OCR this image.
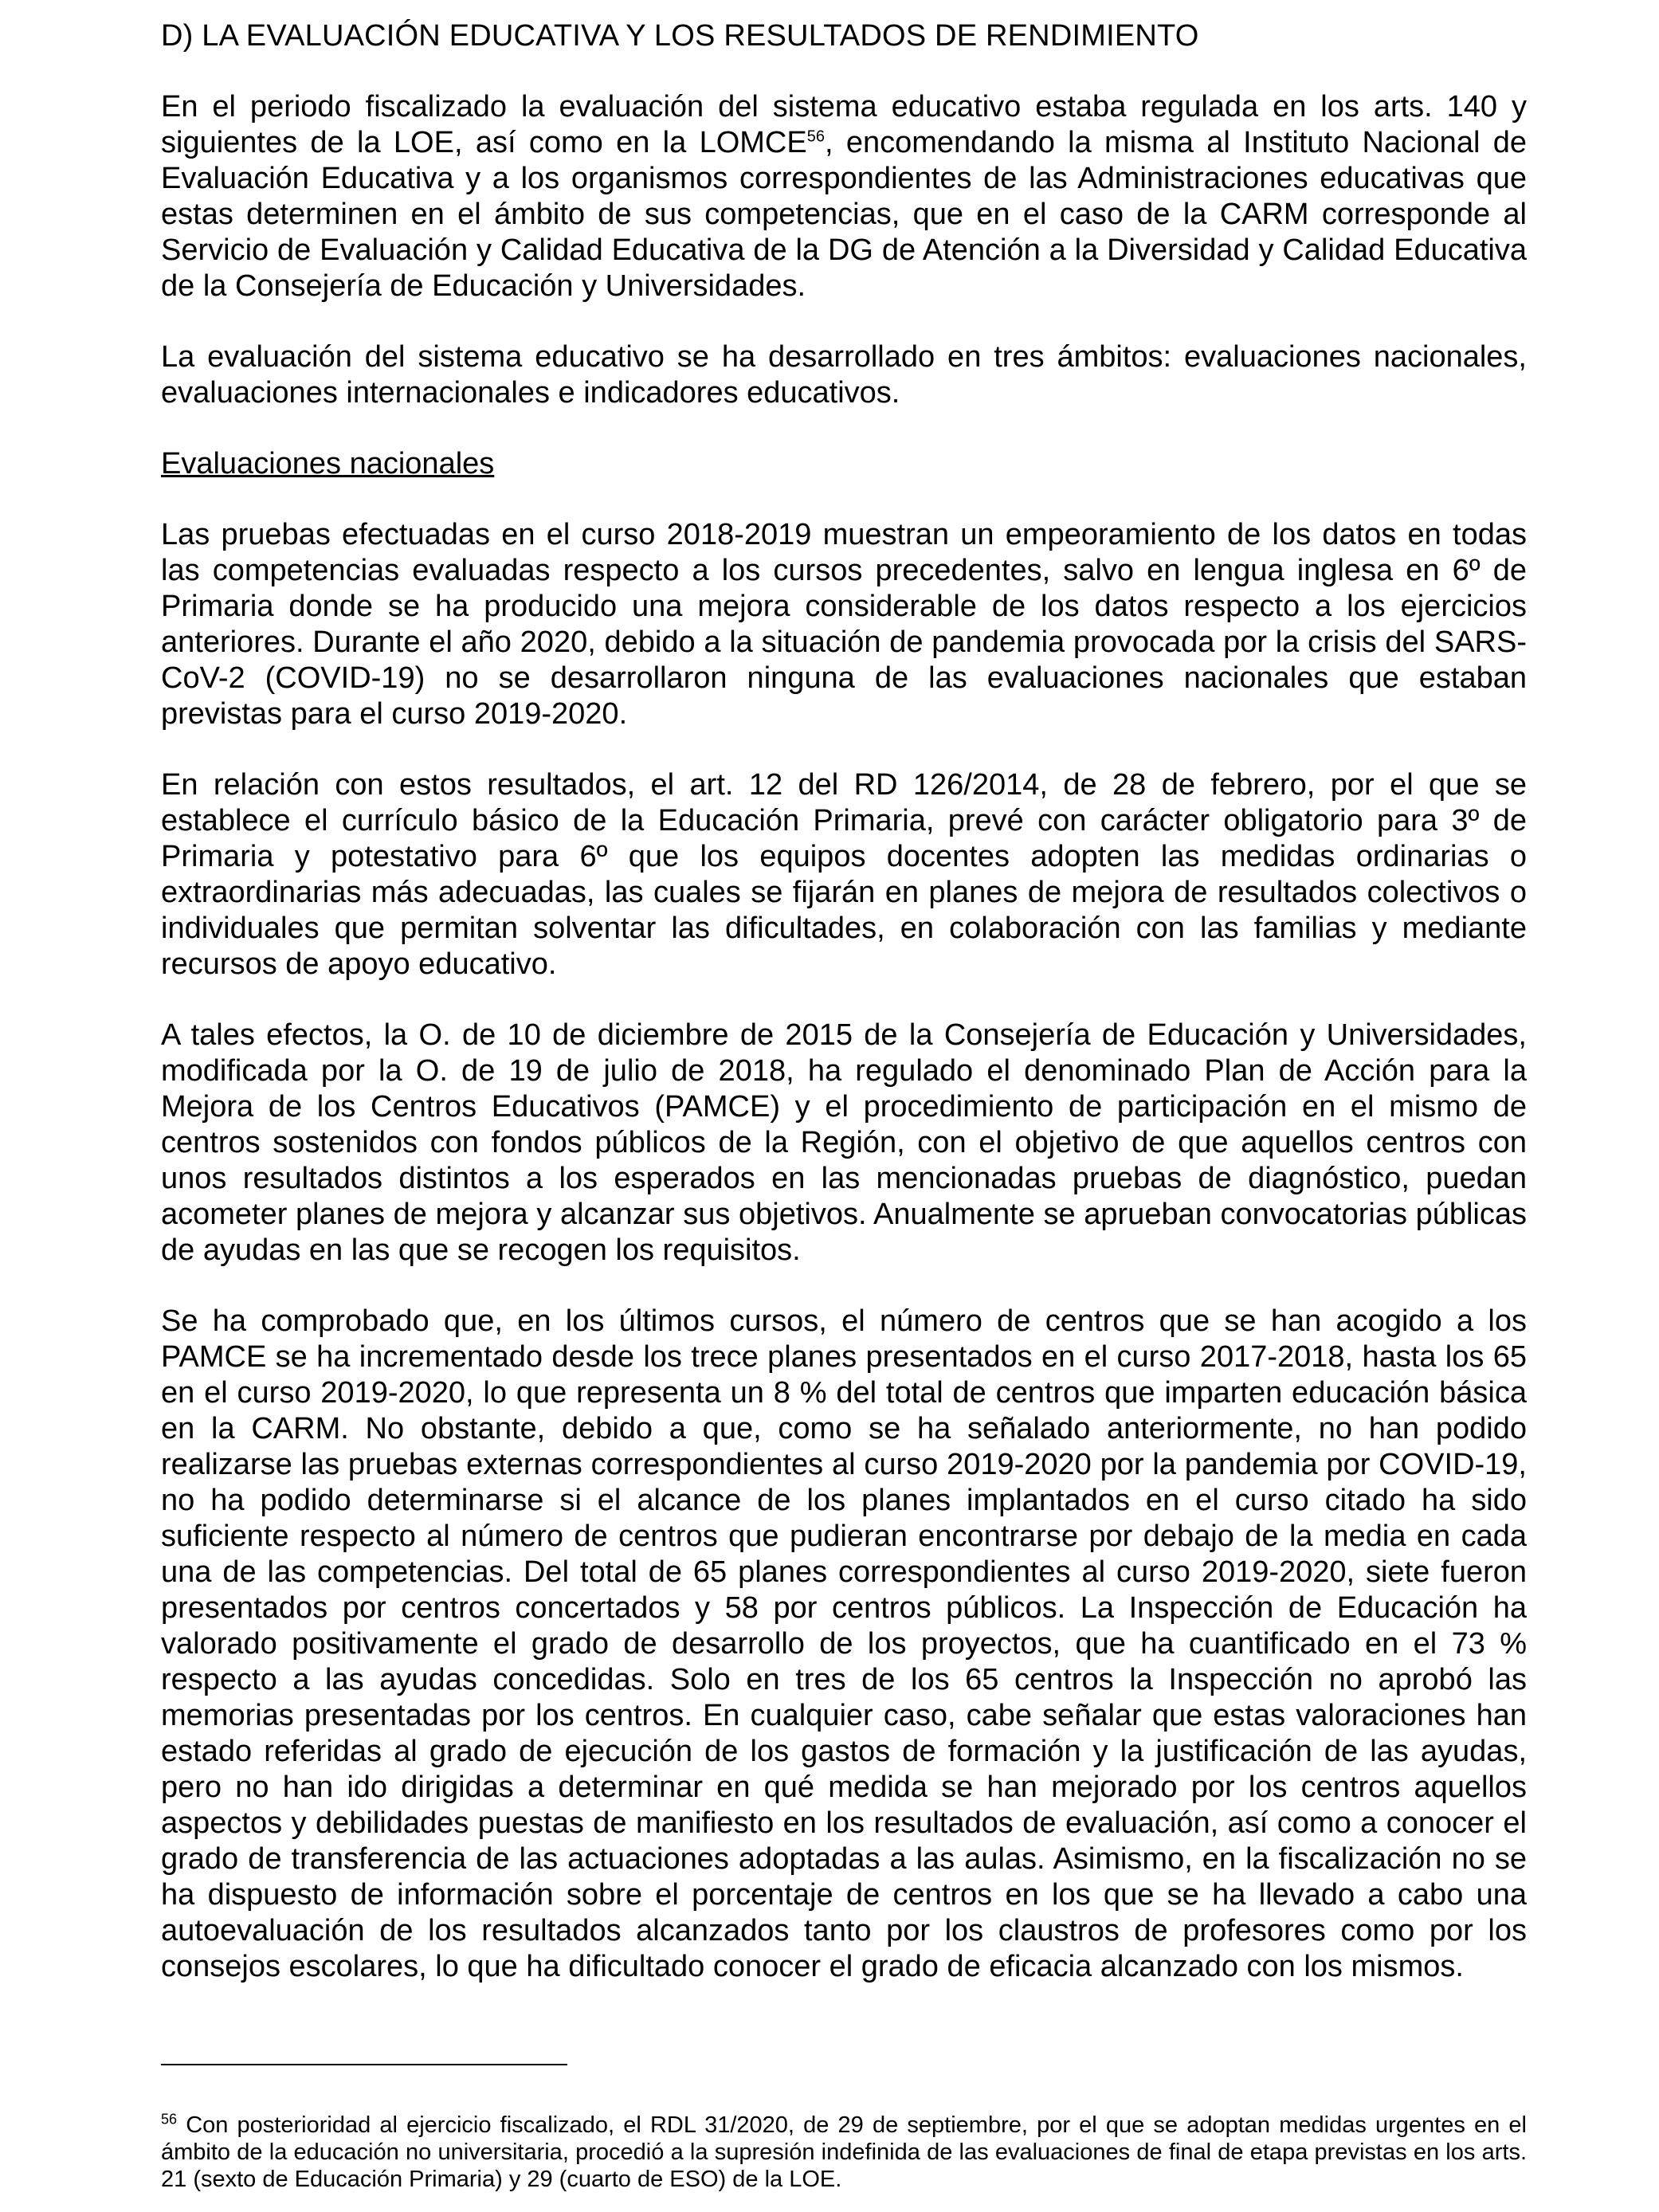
D) LA EVALUACIÓN EDUCATIVA Y LOS RESULTADOS DE RENDIMIENTO

En el periodo fiscalizado la evaluación del sistema educativo estaba regulada en los arts. 140 y siguientes de la LOE, así como en la LOMCE$^{56}$, encomendando la misma al Instituto Nacional de Evaluación Educativa y a los organismos correspondientes de las Administraciones educativas que estas determinen en el ámbito de sus competencias, que en el caso de la CARM corresponde al Servicio de Evaluación y Calidad Educativa de la DG de Atención a la Diversidad y Calidad Educativa de la Consejería de Educación y Universidades.

La evaluación del sistema educativo se ha desarrollado en tres ámbitos: evaluaciones nacionales, evaluaciones internacionales e indicadores educativos.

Evaluaciones nacionales

Las pruebas efectuadas en el curso 2018-2019 muestran un empeoramiento de los datos en todas las competencias evaluadas respecto a los cursos precedentes, salvo en lengua inglesa en 6º de Primaria donde se ha producido una mejora considerable de los datos respecto a los ejercicios anteriores. Durante el año 2020, debido a la situación de pandemia provocada por la crisis del SARS-CoV-2 (COVID-19) no se desarrollaron ninguna de las evaluaciones nacionales que estaban previstas para el curso 2019-2020.

En relación con estos resultados, el art. 12 del RD 126/2014, de 28 de febrero, por el que se establece el currículo básico de la Educación Primaria, prevé con carácter obligatorio para 3º de Primaria y potestativo para 6º que los equipos docentes adopten las medidas ordinarias o extraordinarias más adecuadas, las cuales se fijarán en planes de mejora de resultados colectivos o individuales que permitan solventar las dificultades, en colaboración con las familias y mediante recursos de apoyo educativo.

A tales efectos, la O. de 10 de diciembre de 2015 de la Consejería de Educación y Universidades, modificada por la O. de 19 de julio de 2018, ha regulado el denominado Plan de Acción para la Mejora de los Centros Educativos (PAMCE) y el procedimiento de participación en el mismo de centros sostenidos con fondos públicos de la Región, con el objetivo de que aquellos centros con unos resultados distintos a los esperados en las mencionadas pruebas de diagnóstico, puedan acometer planes de mejora y alcanzar sus objetivos. Anualmente se aprueban convocatorias públicas de ayudas en las que se recogen los requisitos.

Se ha comprobado que, en los últimos cursos, el número de centros que se han acogido a los PAMCE se ha incrementado desde los trece planes presentados en el curso 2017-2018, hasta los 65 en el curso 2019-2020, lo que representa un 8 % del total de centros que imparten educación básica en la CARM. No obstante, debido a que, como se ha señalado anteriormente, no han podido realizarse las pruebas externas correspondientes al curso 2019-2020 por la pandemia por COVID-19, no ha podido determinarse si el alcance de los planes implantados en el curso citado ha sido suficiente respecto al número de centros que pudieran encontrarse por debajo de la media en cada una de las competencias. Del total de 65 planes correspondientes al curso 2019-2020, siete fueron presentados por centros concertados y 58 por centros públicos. La Inspección de Educación ha valorado positivamente el grado de desarrollo de los proyectos, que ha cuantificado en el 73 % respecto a las ayudas concedidas. Solo en tres de los 65 centros la Inspección no aprobó las memorias presentadas por los centros. En cualquier caso, cabe señalar que estas valoraciones han estado referidas al grado de ejecución de los gastos de formación y la justificación de las ayudas, pero no han ido dirigidas a determinar en qué medida se han mejorado por los centros aquellos aspectos y debilidades puestas de manifiesto en los resultados de evaluación, así como a conocer el grado de transferencia de las actuaciones adoptadas a las aulas. Asimismo, en la fiscalización no se ha dispuesto de información sobre el porcentaje de centros en los que se ha llevado a cabo una autoevaluación de los resultados alcanzados tanto por los claustros de profesores como por los consejos escolares, lo que ha dificultado conocer el grado de eficacia alcanzado con los mismos.

$^{56}$ Con posterioridad al ejercicio fiscalizado, el RDL 31/2020, de 29 de septiembre, por el que se adoptan medidas urgentes en el ámbito de la educación no universitaria, procedió a la supresión indefinida de las evaluaciones de final de etapa previstas en los arts. 21 (sexto de Educación Primaria) y 29 (cuarto de ESO) de la LOE.
